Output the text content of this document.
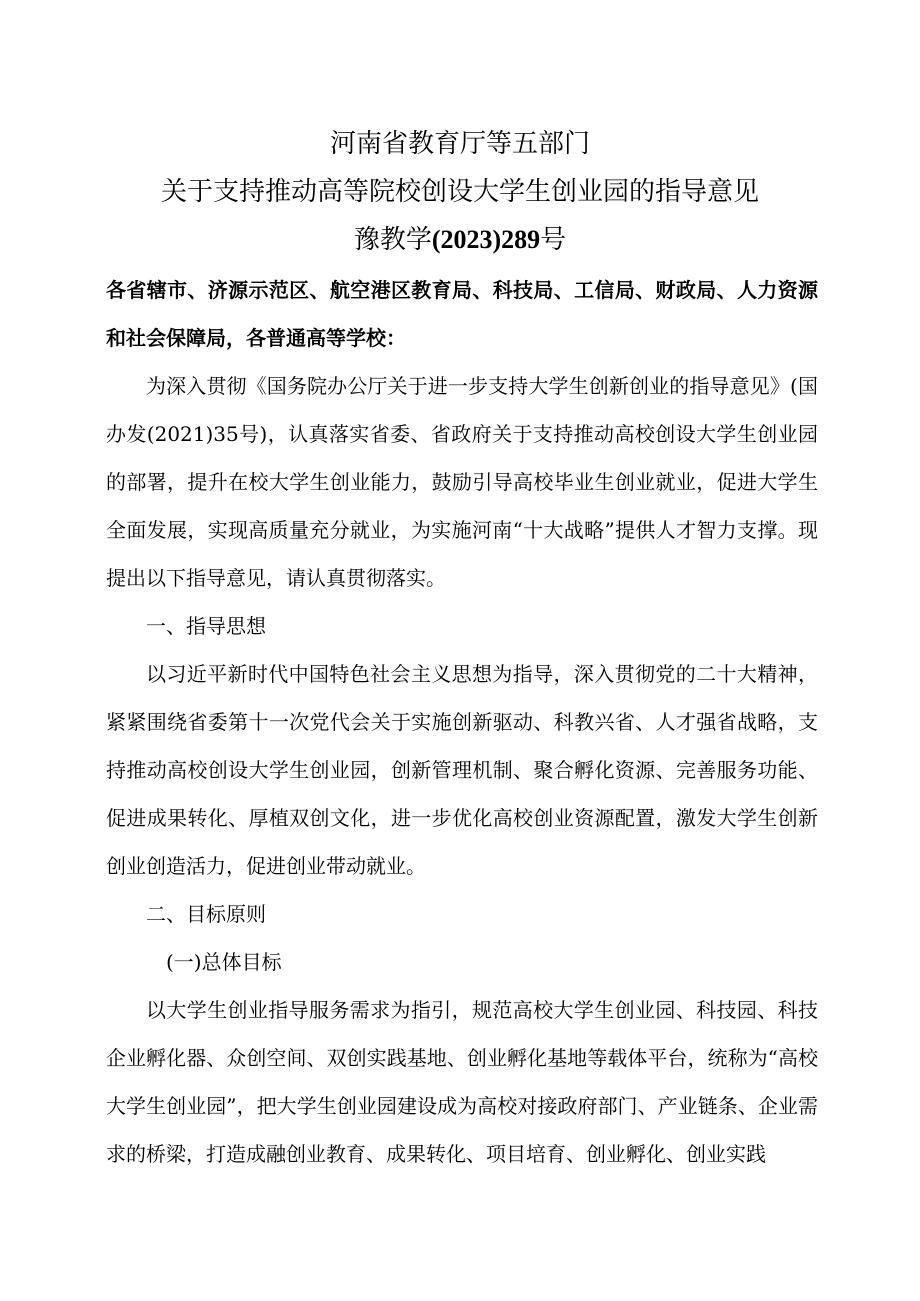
河南省教育厅等五部门
关于支持推动高等院校创设大学生创业园的指导意见
豫教学(2023)289号

各省辖市、济源示范区、航空港区教育局、科技局、工信局、财政局、人力资源和社会保障局，各普通高等学校：

为深入贯彻《国务院办公厅关于进一步支持大学生创新创业的指导意见》(国办发(2021)35号)，认真落实省委、省政府关于支持推动高校创设大学生创业园的部署，提升在校大学生创业能力，鼓励引导高校毕业生创业就业，促进大学生全面发展，实现高质量充分就业，为实施河南“十大战略”提供人才智力支撑。现提出以下指导意见，请认真贯彻落实。

一、指导思想

以习近平新时代中国特色社会主义思想为指导，深入贯彻党的二十大精神，紧紧围绕省委第十一次党代会关于实施创新驱动、科教兴省、人才强省战略，支持推动高校创设大学生创业园，创新管理机制、聚合孵化资源、完善服务功能、促进成果转化、厚植双创文化，进一步优化高校创业资源配置，激发大学生创新创业创造活力，促进创业带动就业。

二、目标原则

(一)总体目标

以大学生创业指导服务需求为指引，规范高校大学生创业园、科技园、科技企业孵化器、众创空间、双创实践基地、创业孵化基地等载体平台，统称为“高校大学生创业园”，把大学生创业园建设成为高校对接政府部门、产业链条、企业需求的桥梁，打造成融创业教育、成果转化、项目培育、创业孵化、创业实践
